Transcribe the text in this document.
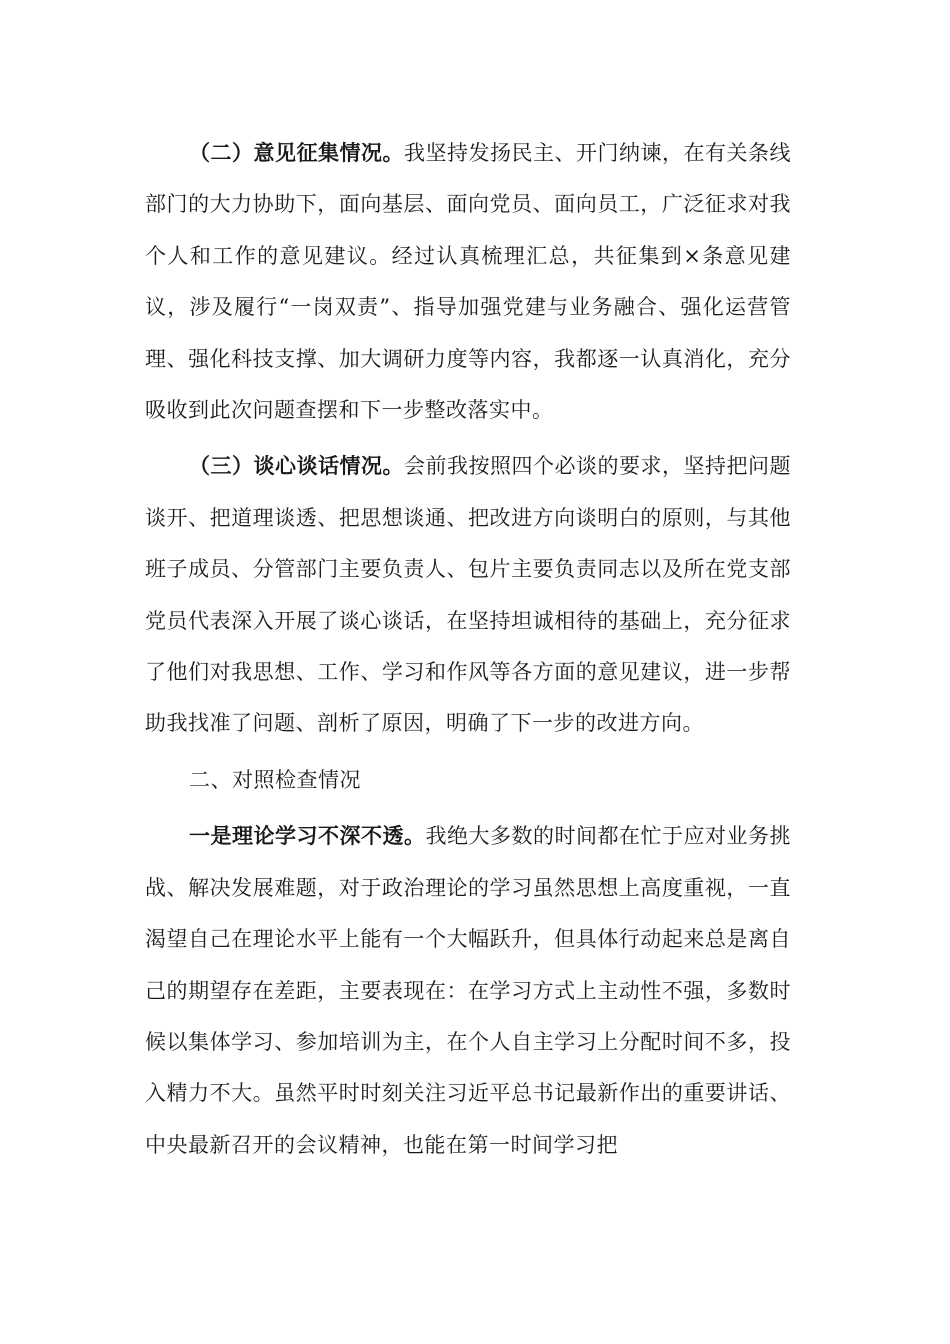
（二）意见征集情况。我坚持发扬民主、开门纳谏，在有关条线部门的大力协助下，面向基层、面向党员、面向员工，广泛征求对我个人和工作的意见建议。经过认真梳理汇总，共征集到×条意见建议，涉及履行“一岗双责”、指导加强党建与业务融合、强化运营管理、强化科技支撑、加大调研力度等内容，我都逐一认真消化，充分吸收到此次问题查摆和下一步整改落实中。

（三）谈心谈话情况。会前我按照四个必谈的要求，坚持把问题谈开、把道理谈透、把思想谈通、把改进方向谈明白的原则，与其他班子成员、分管部门主要负责人、包片主要负责同志以及所在党支部党员代表深入开展了谈心谈话，在坚持坦诚相待的基础上，充分征求了他们对我思想、工作、学习和作风等各方面的意见建议，进一步帮助我找准了问题、剖析了原因，明确了下一步的改进方向。

二、对照检查情况

一是理论学习不深不透。我绝大多数的时间都在忙于应对业务挑战、解决发展难题，对于政治理论的学习虽然思想上高度重视，一直渴望自己在理论水平上能有一个大幅跃升，但具体行动起来总是离自己的期望存在差距，主要表现在：在学习方式上主动性不强，多数时候以集体学习、参加培训为主，在个人自主学习上分配时间不多，投入精力不大。虽然平时时刻关注习近平总书记最新作出的重要讲话、中央最新召开的会议精神，也能在第一时间学习把
